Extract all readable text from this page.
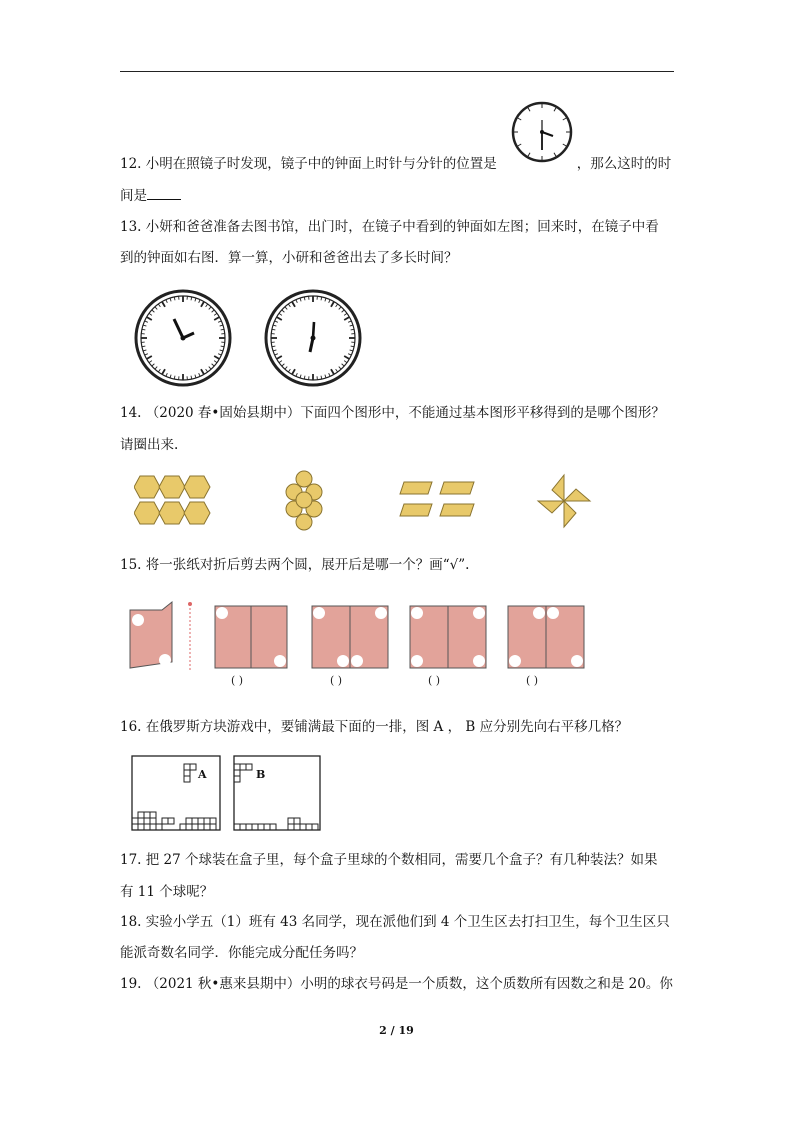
12. 小明在照镜子时发现，镜子中的钟面上时针与分针的位置是	，那么这时的时
间是
13. 小妍和爸爸准备去图书馆，出门时，在镜子中看到的钟面如左图；回来时，在镜子中看
到的钟面如右图．算一算，小研和爸爸出去了多长时间？
14. （2020 春•固始县期中）下面四个图形中，不能通过基本图形平移得到的是哪个图形？
请圈出来.
15. 将一张纸对折后剪去两个圆，展开后是哪一个？画“√”.
( )	( )	( )	( )
16. 在俄罗斯方块游戏中，要铺满最下面的一排，图 A ， B 应分别先向右平移几格？
A	B
17. 把 27 个球装在盒子里，每个盒子里球的个数相同，需要几个盒子？有几种装法？如果
有 11 个球呢？
18. 实验小学五（1）班有 43 名同学，现在派他们到 4 个卫生区去打扫卫生，每个卫生区只
能派奇数名同学．你能完成分配任务吗？
19. （2021 秋•惠来县期中）小明的球衣号码是一个质数，这个质数所有因数之和是 20。你
2 / 19
